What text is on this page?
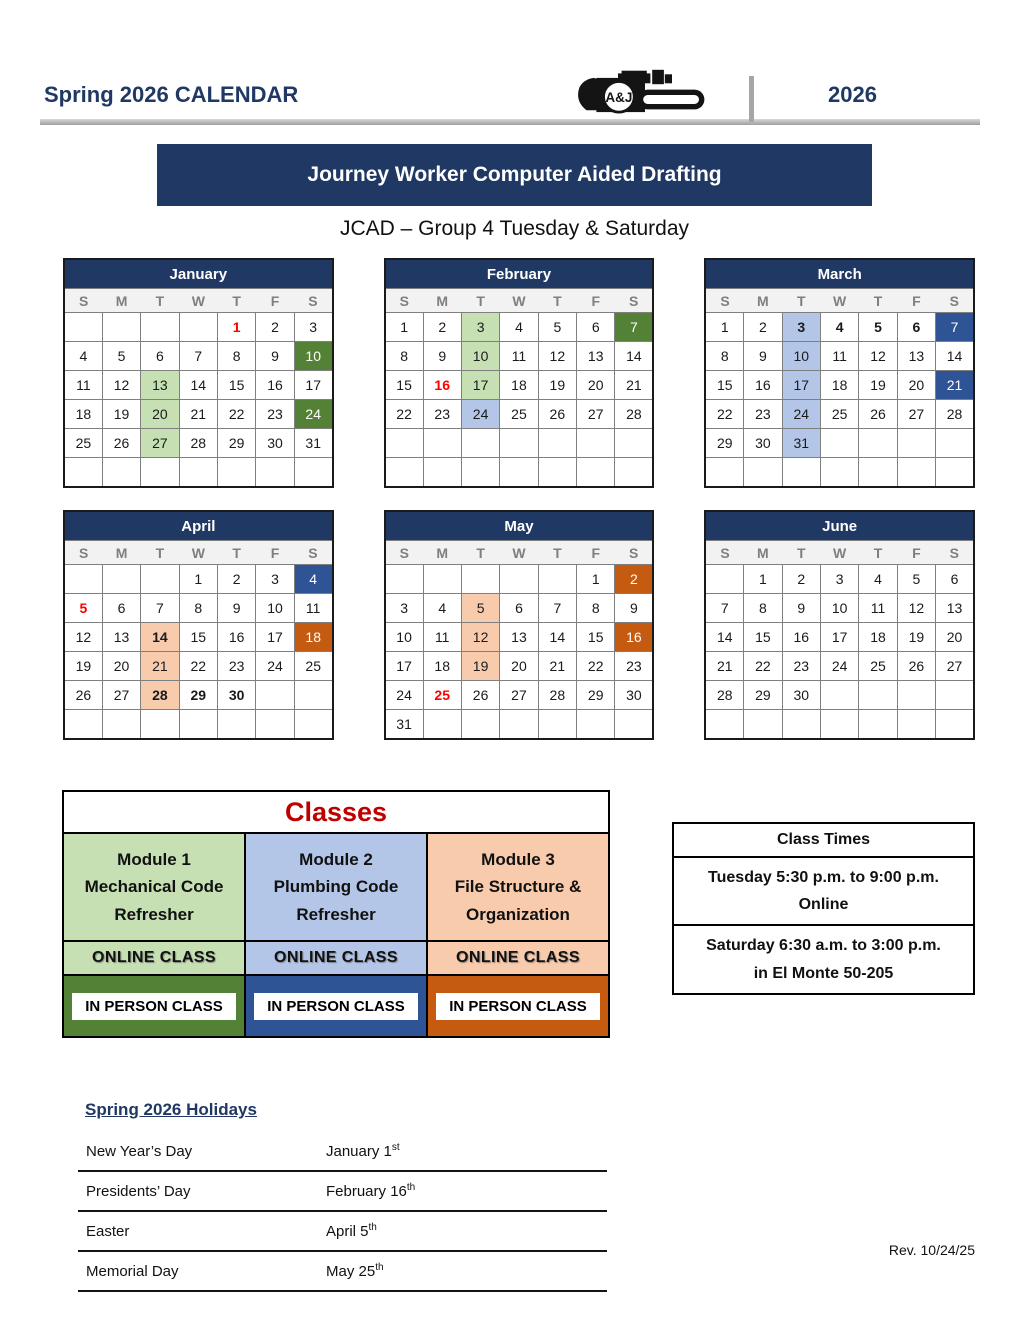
Spring 2026 CALENDAR	A&J	2026
Journey Worker Computer Aided Drafting
JCAD – Group 4 Tuesday & Saturday
January						
S	M	T	W	T	F	S
				1	2	3
4	5	6	7	8	9	10
11	12	13	14	15	16	17
18	19	20	21	22	23	24
25	26	27	28	29	30	31

February						
S	M	T	W	T	F	S
1	2	3	4	5	6	7
8	9	10	11	12	13	14
15	16	17	18	19	20	21
22	23	24	25	26	27	28

March						
S	M	T	W	T	F	S
1	2	3	4	5	6	7
8	9	10	11	12	13	14
15	16	17	18	19	20	21
22	23	24	25	26	27	28
29	30	31				

April						
S	M	T	W	T	F	S
			1	2	3	4
5	6	7	8	9	10	11
12	13	14	15	16	17	18
19	20	21	22	23	24	25
26	27	28	29	30		

May						
S	M	T	W	T	F	S
					1	2
3	4	5	6	7	8	9
10	11	12	13	14	15	16
17	18	19	20	21	22	23
24	25	26	27	28	29	30
31						
June						
S	M	T	W	T	F	S
	1	2	3	4	5	6
7	8	9	10	11	12	13
14	15	16	17	18	19	20
21	22	23	24	25	26	27
28	29	30				

Classes		

Module 1
Mechanical Code
Refresher

Module 2
Plumbing Code
Refresher

Module 3
File Structure &
Organization

ONLINE CLASS	ONLINE CLASS	ONLINE CLASS

IN PERSON CLASS	IN PERSON CLASS	IN PERSON CLASS
Class Times

Tuesday 5:30 p.m. to 9:00 p.m.
Online

Saturday 6:30 a.m. to 3:00 p.m.
in El Monte 50-205
Spring 2026 Holidays
New Year’s Day	January 1st
Presidents’ Day	February 16th
Easter	April 5th
Memorial Day	May 25th
Rev. 10/24/25
